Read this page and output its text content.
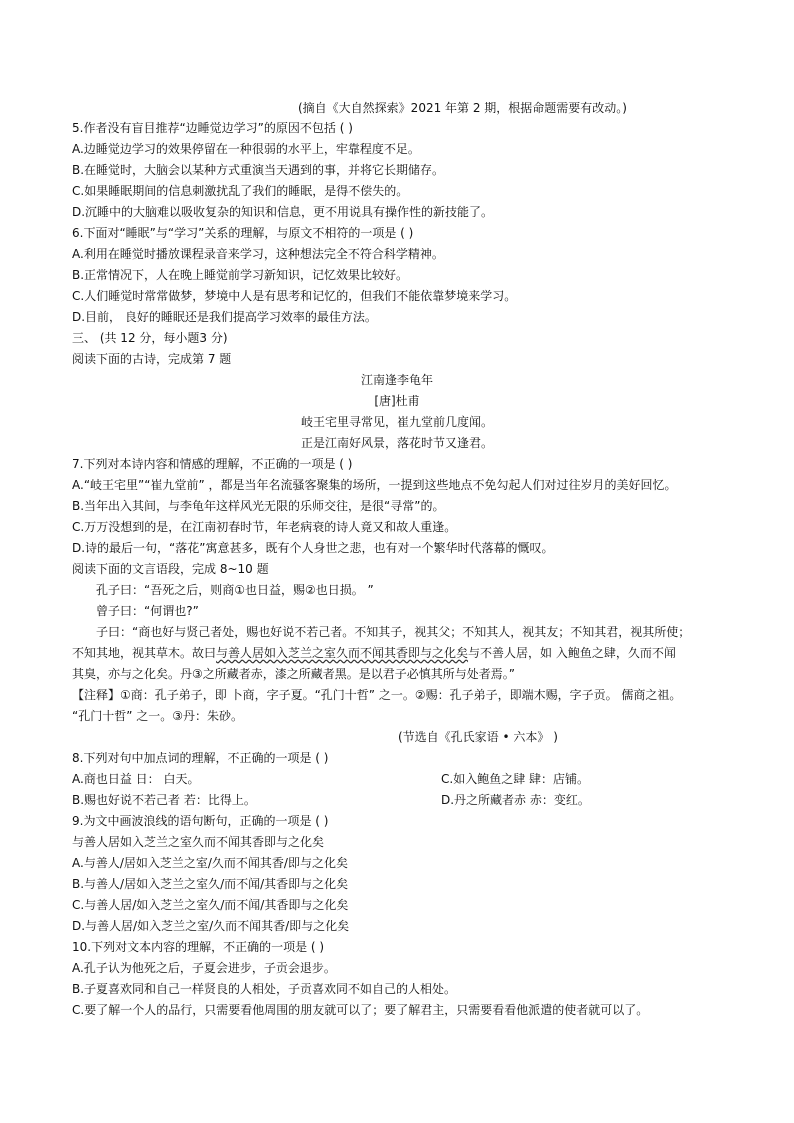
(摘自《大自然探索》2021 年第 2 期，根据命题需要有改动。)
5.作者没有盲目推荐“边睡觉边学习”的原因不包括 ( )
A.边睡觉边学习的效果停留在一种很弱的水平上，牢靠程度不足。
B.在睡觉时，大脑会以某种方式重演当天遇到的事，并将它长期储存。
C.如果睡眠期间的信息刺激扰乱了我们的睡眠，是得不偿失的。
D.沉睡中的大脑难以吸收复杂的知识和信息，更不用说具有操作性的新技能了。
6.下面对“睡眠”与“学习”关系的理解，与原文不相符的一项是 ( )
A.利用在睡觉时播放课程录音来学习，这种想法完全不符合科学精神。
B.正常情况下，人在晚上睡觉前学习新知识，记忆效果比较好。
C.人们睡觉时常常做梦，梦境中人是有思考和记忆的，但我们不能依靠梦境来学习。
D.目前， 良好的睡眠还是我们提高学习效率的最佳方法。
三、 (共 12 分，每小题3 分)
阅读下面的古诗，完成第 7 题
江南逢李龟年
[唐]杜甫
岐王宅里寻常见，崔九堂前几度闻。
正是江南好风景，落花时节又逢君。
7.下列对本诗内容和情感的理解，不正确的一项是 ( )
A.“岐王宅里”“崔九堂前” ，都是当年名流骚客聚集的场所，一提到这些地点不免勾起人们对过往岁月的美好回忆。
B.当年出入其间，与李龟年这样风光无限的乐师交往，是很“寻常”的。
C.万万没想到的是，在江南初春时节，年老病衰的诗人竟又和故人重逢。
D.诗的最后一句，“落花”寓意甚多，既有个人身世之悲，也有对一个繁华时代落幕的慨叹。
阅读下面的文言语段，完成 8~10 题
孔子曰：“吾死之后，则商①也日益，赐②也日损。 ”
曾子曰：“何谓也?”
子曰：“商也好与贤己者处，赐也好说不若己者。不知其子，视其父；不知其人，视其友；不知其君，视其所使；
不知其地，视其草木。故曰与善人居如入芝兰之室久而不闻其香即与之化矣与不善人居，如 入鲍鱼之肆，久而不闻
其臭，亦与之化矣。丹③之所藏者赤，漆之所藏者黑。是以君子必慎其所与处者焉。”
【注释】①商：孔子弟子，即 卜商，字子夏。“孔门十哲” 之一。②赐：孔子弟子，即端木赐，字子贡。 儒商之祖。
“孔门十哲” 之一。③丹：朱砂。
(节选自《孔氏家语 • 六本》 )
8.下列对句中加点词的理解，不正确的一项是 ( )
A.商也日益 日： 白天。	C.如入鲍鱼之肆 肆：店铺。
B.赐也好说不若己者 若：比得上。	D.丹之所藏者赤 赤：变红。
9.为文中画波浪线的语句断句，正确的一项是 ( )
与善人居如入芝兰之室久而不闻其香即与之化矣
A.与善人/居如入芝兰之室/久而不闻其香/即与之化矣
B.与善人/居如入芝兰之室久/而不闻/其香即与之化矣
C.与善人居/如入芝兰之室久/而不闻/其香即与之化矣
D.与善人居/如入芝兰之室/久而不闻其香/即与之化矣
10.下列对文本内容的理解，不正确的一项是 ( )
A.孔子认为他死之后，子夏会进步，子贡会退步。
B.子夏喜欢同和自己一样贤良的人相处，子贡喜欢同不如自己的人相处。
C.要了解一个人的品行，只需要看他周围的朋友就可以了；要了解君主，只需要看看他派遣的使者就可以了。
